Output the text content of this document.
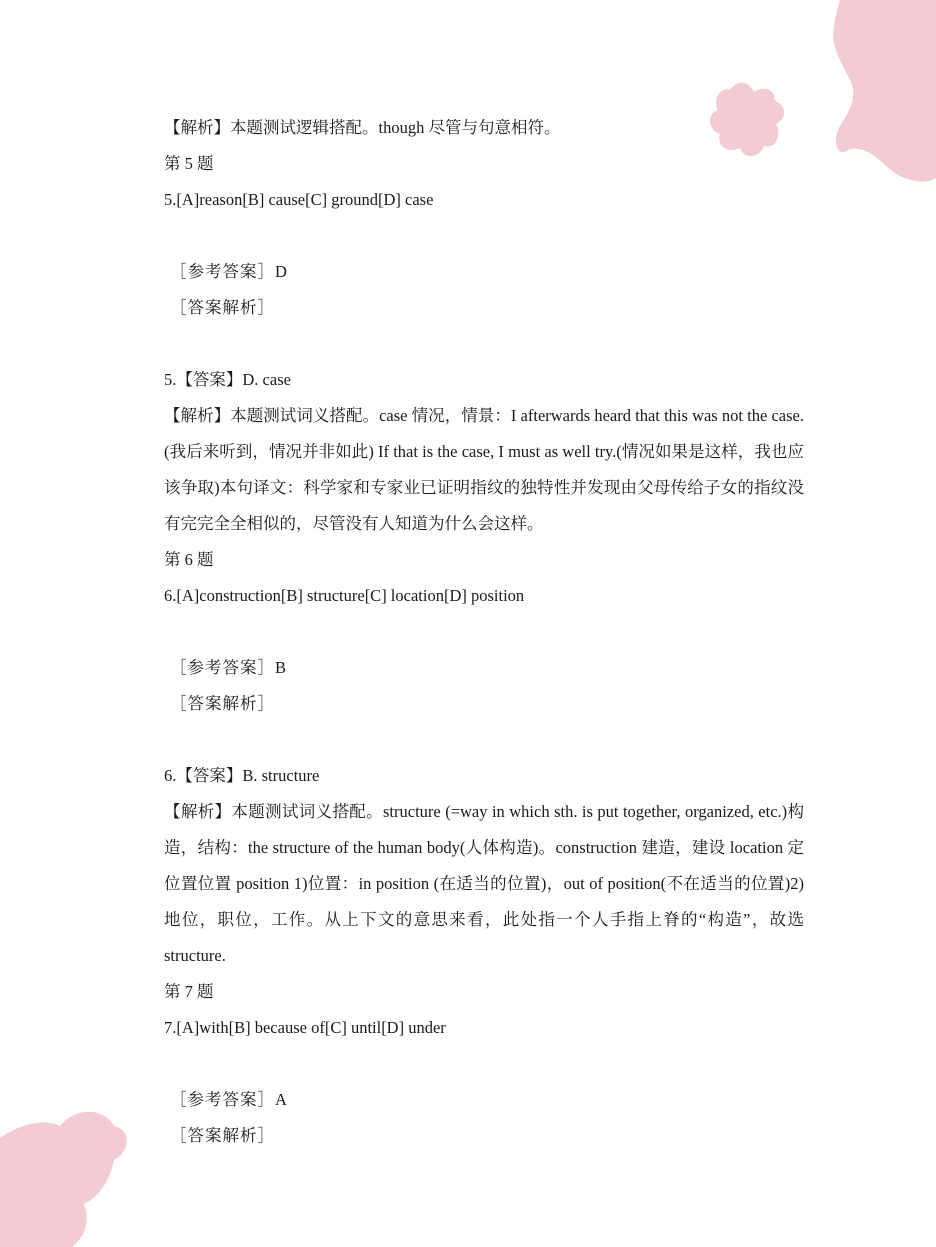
【解析】本题测试逻辑搭配。though 尽管与句意相符。
第 5 题
5.[A]reason[B] cause[C] ground[D] case
［参考答案］D
［答案解析］
5.【答案】D. case
【解析】本题测试词义搭配。case 情况，情景：I afterwards heard that this was not the case. (我后来听到，情况并非如此) If that is the case, I must as well try.(情况如果是这样，我也应该争取)本句译文：科学家和专家业已证明指纹的独特性并发现由父母传给子女的指纹没有完完全全相似的，尽管没有人知道为什么会这样。
第 6 题
6.[A]construction[B] structure[C] location[D] position
［参考答案］B
［答案解析］
6.【答案】B. structure
【解析】本题测试词义搭配。structure (=way in which sth. is put together, organized, etc.)构造，结构：the structure of the human body(人体构造)。construction 建造，建设 location 定位置位置 position 1)位置：in position (在适当的位置)，out of position(不在适当的位置)2)地位，职位，工作。从上下文的意思来看，此处指一个人手指上脊的“构造”，故选 structure.
第 7 题
7.[A]with[B] because of[C] until[D] under
［参考答案］A
［答案解析］
